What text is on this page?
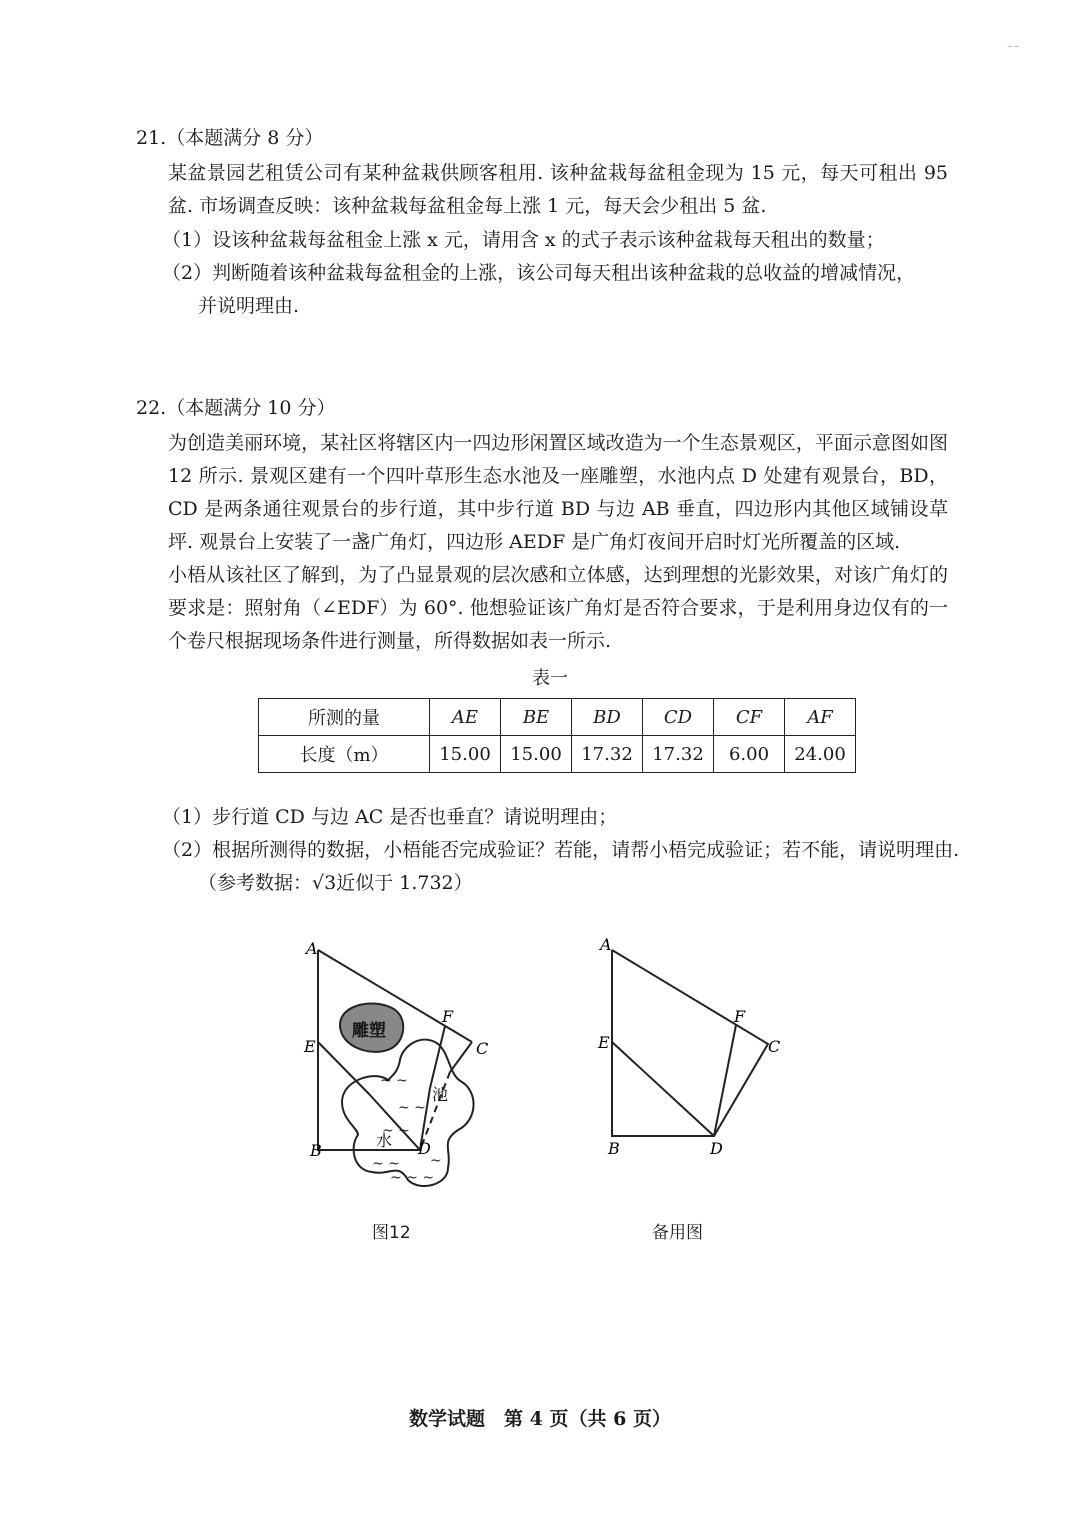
~~
21.（本题满分 8 分）

某盆景园艺租赁公司有某种盆栽供顾客租用. 该种盆栽每盆租金现为 15 元，每天可租出 95 盆. 市场调查反映：该种盆栽每盆租金每上涨 1 元，每天会少租出 5 盆.

（1）设该种盆栽每盆租金上涨 x 元，请用含 x 的式子表示该种盆栽每天租出的数量；

（2）判断随着该种盆栽每盆租金的上涨，该公司每天租出该种盆栽的总收益的增减情况，

并说明理由.

22.（本题满分 10 分）

为创造美丽环境，某社区将辖区内一四边形闲置区域改造为一个生态景观区，平面示意图如图 12 所示. 景观区建有一个四叶草形生态水池及一座雕塑，水池内点 D 处建有观景台，BD，CD 是两条通往观景台的步行道，其中步行道 BD 与边 AB 垂直，四边形内其他区域铺设草坪. 观景台上安装了一盏广角灯，四边形 AEDF 是广角灯夜间开启时灯光所覆盖的区域.

小梧从该社区了解到，为了凸显景观的层次感和立体感，达到理想的光影效果，对该广角灯的要求是：照射角（∠EDF）为 60°. 他想验证该广角灯是否符合要求，于是利用身边仅有的一个卷尺根据现场条件进行测量，所得数据如表一所示.

表一
所测的量	AE	BE	BD	CD	CF	AF
长度（m）	15.00	15.00	17.32	17.32	6.00	24.00

（1）步行道 CD 与边 AC 是否也垂直？请说明理由；

（2）根据所测得的数据，小梧能否完成验证？若能，请帮小梧完成验证；若不能，请说明理由.

（参考数据：√3近似于 1.732）

~ ~
~ ~
~ ~
~ ~
~ ~ ~
~
雕塑
池
水
A
E
B	D
F
C
图12
A
E
B	D
F
C
备用图
数学试题　第 4 页（共 6 页）
